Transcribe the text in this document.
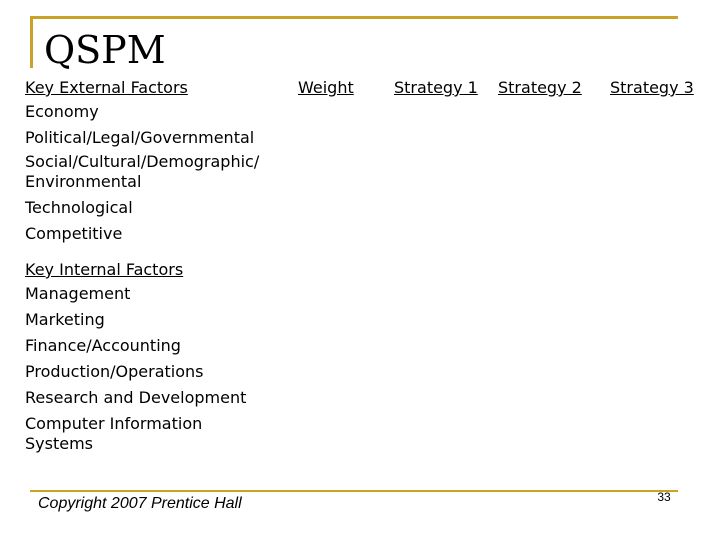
QSPM
Weight	Strategy 1 Strategy 2 Strategy 3
Key External Factors
Economy
Political/Legal/Governmental
Social/Cultural/Demographic/ Environmental
Technological
Competitive
Key Internal Factors
Management
Marketing
Finance/Accounting
Production/Operations
Research and Development
Computer Information Systems
Copyright 2007 Prentice Hall	33
